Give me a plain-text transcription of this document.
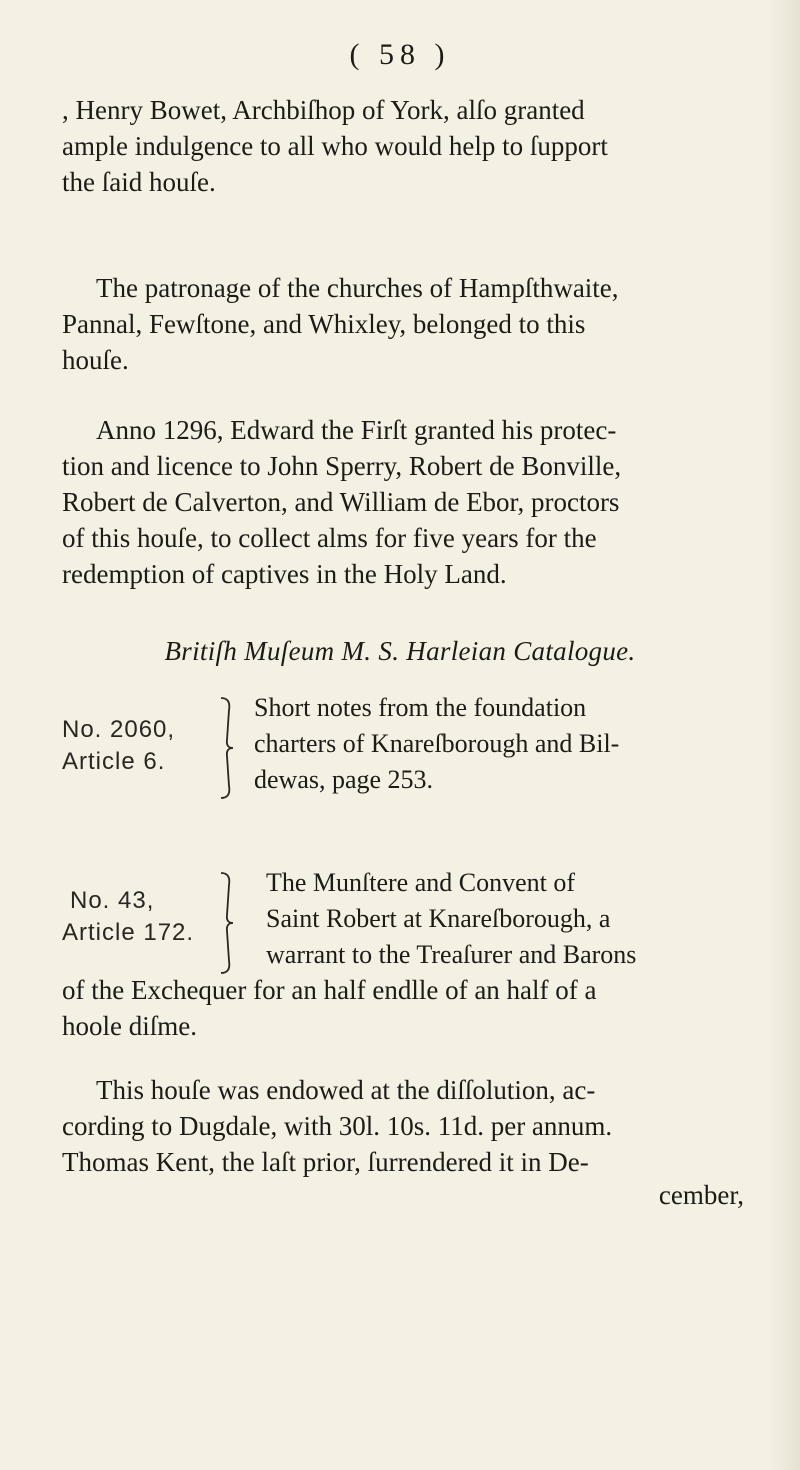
( 58 )

, Henry Bowet, Archbiſhop of York, alſo granted
ample indulgence to all who would help to ſupport
the ſaid houſe.

The patronage of the churches of Hampſthwaite,
Pannal, Fewſtone, and Whixley, belonged to this
houſe.

Anno 1296, Edward the Firſt granted his protec-
tion and licence to John Sperry, Robert de Bonville,
Robert de Calverton, and William de Ebor, proctors
of this houſe, to collect alms for five years for the
redemption of captives in the Holy Land.

Britiſh Muſeum M. S. Harleian Catalogue.
No. 2060,
Article 6.
Short notes from the foundation
charters of Knareſborough and Bil-
dewas, page 253.
No. 43,
Article 172.
The Munſtere and Convent of
Saint Robert at Knareſborough, a
warrant to the Treaſurer and Barons

of the Exchequer for an half endlle of an half of a
hoole diſme.

This houſe was endowed at the diſſolution, ac-
cording to Dugdale, with 30l. 10s. 11d. per annum.
Thomas Kent, the laſt prior, ſurrendered it in De-

cember,
